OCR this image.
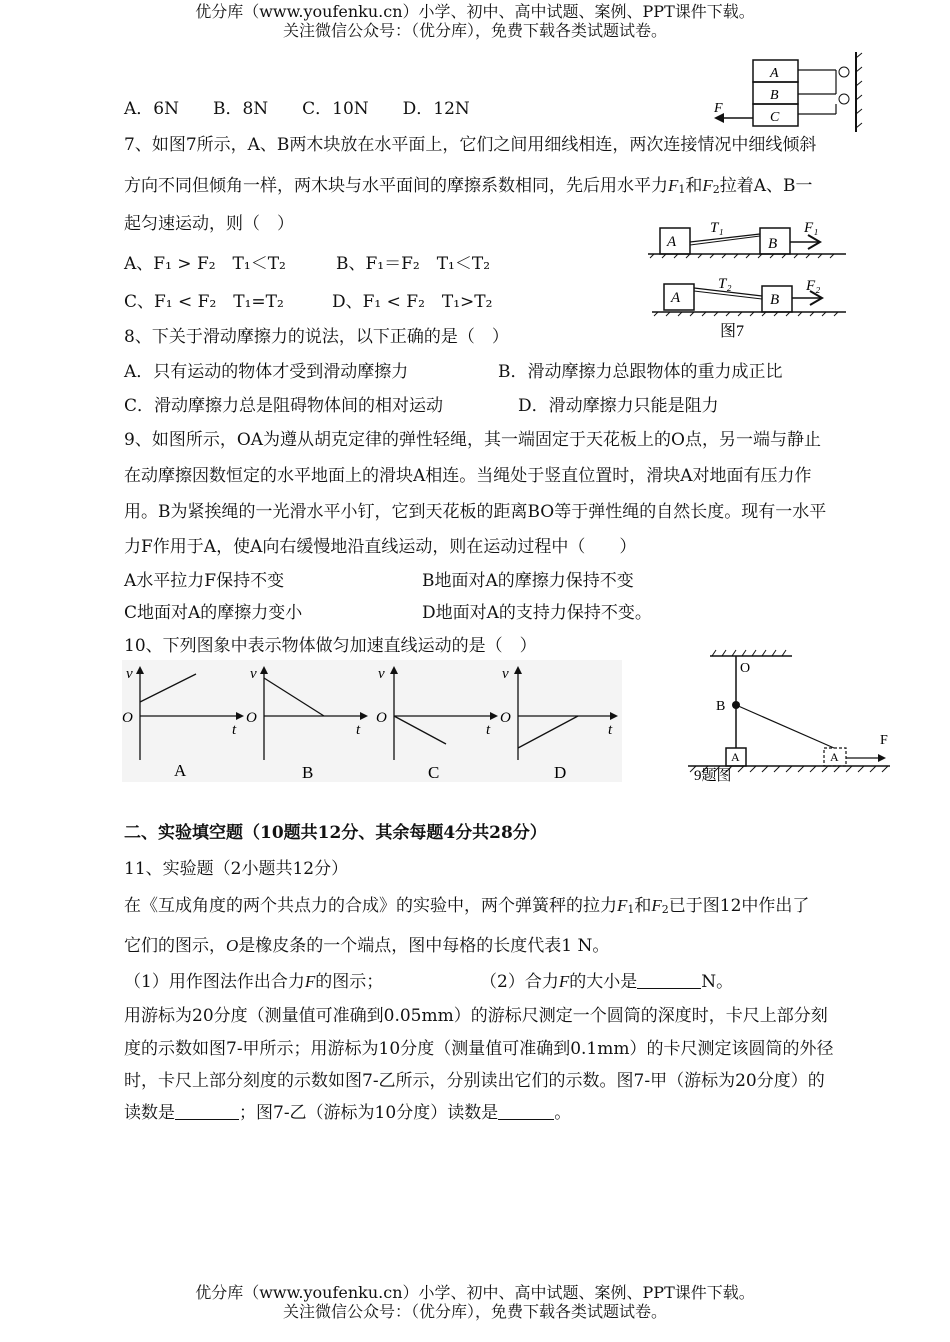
优分库（www.youfenku.cn）小学、初中、高中试题、案例、PPT课件下载。
关注微信公众号：（优分库），免费下载各类试题试卷。
A．6N　　B．8N　　C．10N　　D．12N
A
B
C
F
7、如图7所示，A、B两木块放在水平面上，它们之间用细线相连，两次连接情况中细线倾斜
方向不同但倾角一样，两木块与水平面间的摩擦系数相同，先后用水平力$F_1$和$F_2$拉着A、B一
起匀速运动，则（　）
A、F₁ > F₂　T₁＜T₂	B、F₁＝F₂　T₁＜T₂
C、F₁ < F₂　T₁=T₂	D、F₁ < F₂　T₁>T₂
A	B
T₁	F₁
A	B
T₂	F₂
图7
8、下关于滑动摩擦力的说法，以下正确的是（　）
A．只有运动的物体才受到滑动摩擦力	B．滑动摩擦力总跟物体的重力成正比
C．滑动摩擦力总是阻碍物体间的相对运动	D．滑动摩擦力只能是阻力
9、如图所示，OA为遵从胡克定律的弹性轻绳，其一端固定于天花板上的O点，另一端与静止
在动摩擦因数恒定的水平地面上的滑块A相连。当绳处于竖直位置时，滑块A对地面有压力作
用。B为紧挨绳的一光滑水平小钉，它到天花板的距离BO等于弹性绳的自然长度。现有一水平
力F作用于A，使A向右缓慢地沿直线运动，则在运动过程中（　　）
A水平拉力F保持不变	B地面对A的摩擦力保持不变
C地面对A的摩擦力变小	D地面对A的支持力保持不变。
10、下列图象中表示物体做匀加速直线运动的是（　）
v
O
t
A
v
O
t
B
v
O
t
C
v
O
t
D
O
B
A	A
F
9题图
二、实验填空题（10题共12分、其余每题4分共28分）
11、实验题（2小题共12分）
在《互成角度的两个共点力的合成》的实验中，两个弹簧秤的拉力$F_1$和$F_2$已于图12中作出了
它们的图示，O是橡皮条的一个端点，图中每格的长度代表1 N。
（1）用作图法作出合力F的图示；	（2）合力F的大小是	N。
用游标为20分度（测量值可准确到0.05mm）的游标尺测定一个圆筒的深度时，卡尺上部分刻
度的示数如图7-甲所示；用游标为10分度（测量值可准确到0.1mm）的卡尺测定该圆筒的外径
时，卡尺上部分刻度的示数如图7-乙所示，分别读出它们的示数。图7-甲（游标为20分度）的
读数是	；图7-乙（游标为10分度）读数是	。
优分库（www.youfenku.cn）小学、初中、高中试题、案例、PPT课件下载。
关注微信公众号：（优分库），免费下载各类试题试卷。
